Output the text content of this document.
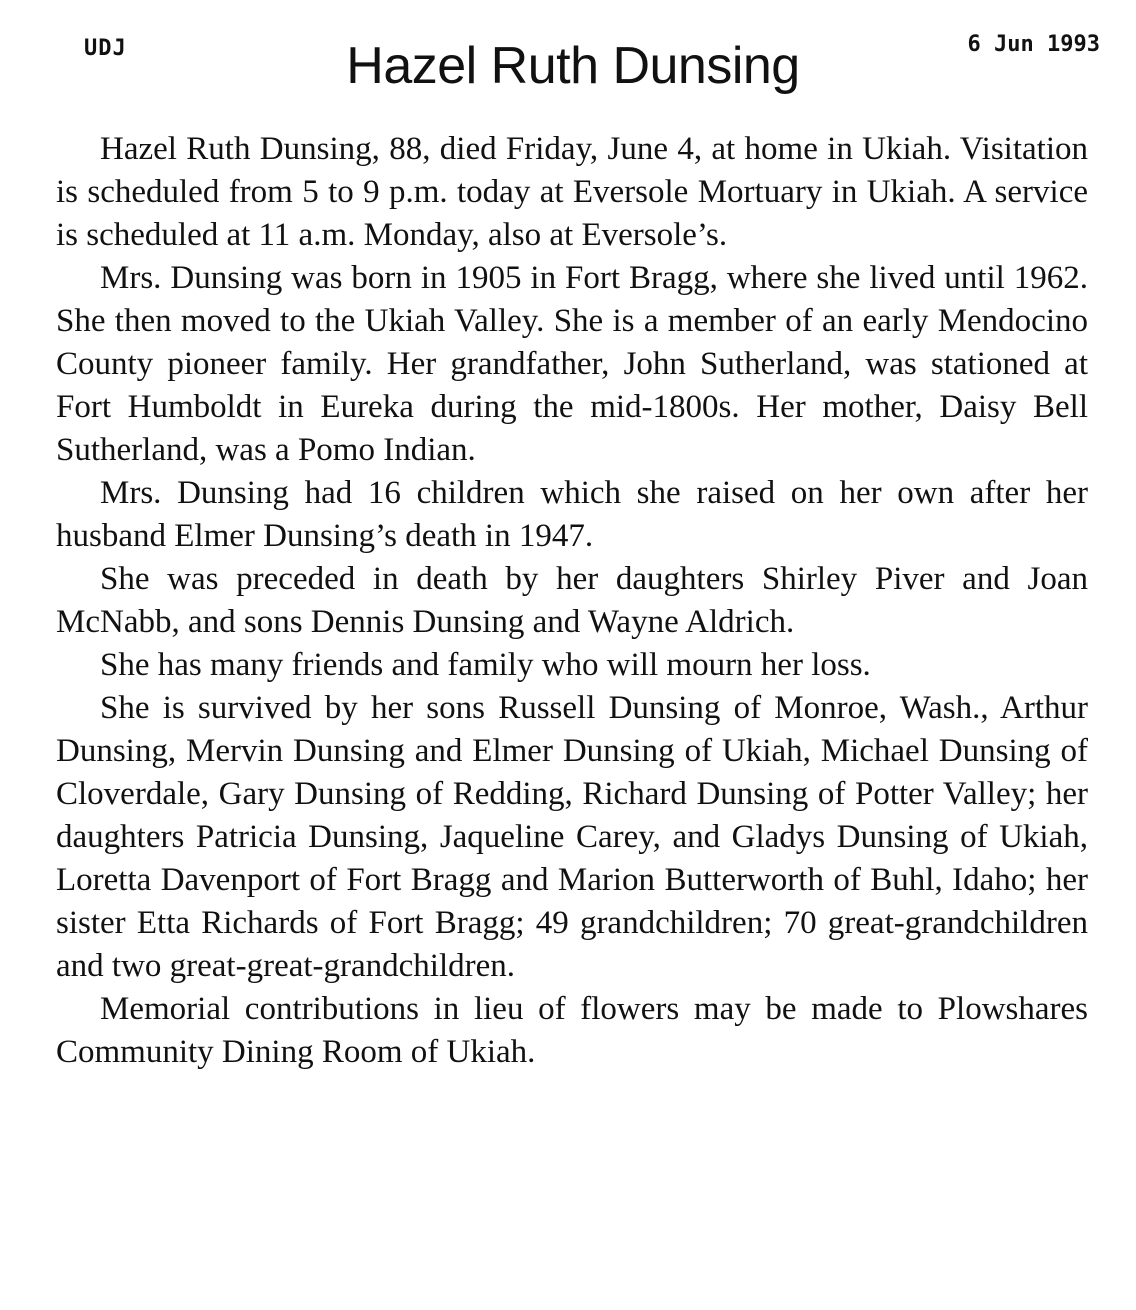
UDJ	Hazel Ruth Dunsing	6 Jun 1993

Hazel Ruth Dunsing, 88, died Friday, June 4, at home in Ukiah. Visitation is scheduled from 5 to 9 p.m. today at Eversole Mortuary in Ukiah. A service is scheduled at 11 a.m. Monday, also at Eversole’s.

Mrs. Dunsing was born in 1905 in Fort Bragg, where she lived until 1962. She then moved to the Ukiah Valley. She is a member of an early Mendocino County pioneer family. Her grandfather, John Sutherland, was stationed at Fort Humboldt in Eureka during the mid-1800s. Her mother, Daisy Bell Sutherland, was a Pomo Indian.

Mrs. Dunsing had 16 children which she raised on her own after her husband Elmer Dunsing’s death in 1947.

She was preceded in death by her daughters Shirley Piver and Joan McNabb, and sons Dennis Dunsing and Wayne Aldrich.

She has many friends and family who will mourn her loss.

She is survived by her sons Russell Dunsing of Monroe, Wash., Arthur Dunsing, Mervin Dunsing and Elmer Dunsing of Ukiah, Michael Dunsing of Cloverdale, Gary Dunsing of Redding, Richard Dunsing of Potter Valley; her daughters Patricia Dunsing, Jaqueline Carey, and Gladys Dunsing of Ukiah, Loretta Davenport of Fort Bragg and Marion Butterworth of Buhl, Idaho; her sister Etta Richards of Fort Bragg; 49 grandchildren; 70 great-grandchildren and two great-great-grandchildren.

Memorial contributions in lieu of flowers may be made to Plowshares Community Dining Room of Ukiah.
